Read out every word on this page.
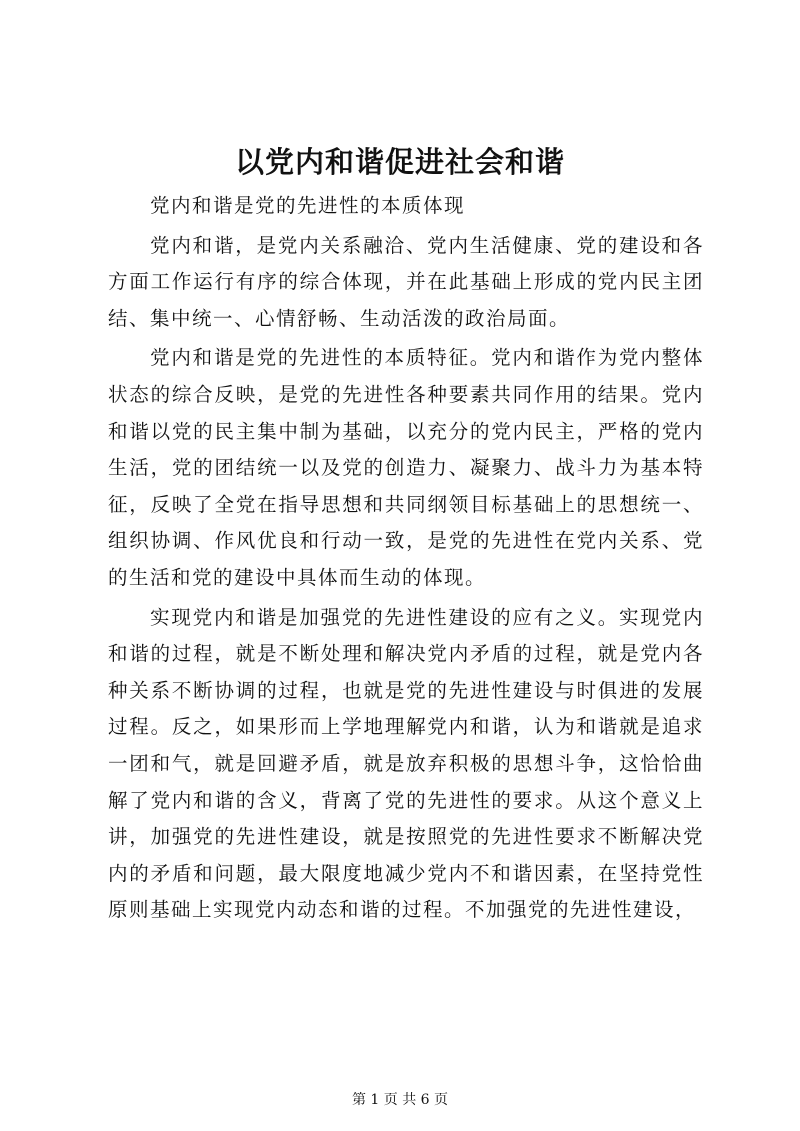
以党内和谐促进社会和谐

党内和谐是党的先进性的本质体现

党内和谐，是党内关系融洽、党内生活健康、党的建设和各方面工作运行有序的综合体现，并在此基础上形成的党内民主团结、集中统一、心情舒畅、生动活泼的政治局面。

党内和谐是党的先进性的本质特征。党内和谐作为党内整体状态的综合反映，是党的先进性各种要素共同作用的结果。党内和谐以党的民主集中制为基础，以充分的党内民主，严格的党内生活，党的团结统一以及党的创造力、凝聚力、战斗力为基本特征，反映了全党在指导思想和共同纲领目标基础上的思想统一、组织协调、作风优良和行动一致，是党的先进性在党内关系、党的生活和党的建设中具体而生动的体现。

实现党内和谐是加强党的先进性建设的应有之义。实现党内和谐的过程，就是不断处理和解决党内矛盾的过程，就是党内各种关系不断协调的过程，也就是党的先进性建设与时俱进的发展过程。反之，如果形而上学地理解党内和谐，认为和谐就是追求一团和气，就是回避矛盾，就是放弃积极的思想斗争，这恰恰曲解了党内和谐的含义，背离了党的先进性的要求。从这个意义上讲，加强党的先进性建设，就是按照党的先进性要求不断解决党内的矛盾和问题，最大限度地减少党内不和谐因素，在坚持党性原则基础上实现党内动态和谐的过程。不加强党的先进性建设，

第 1 页 共 6 页
